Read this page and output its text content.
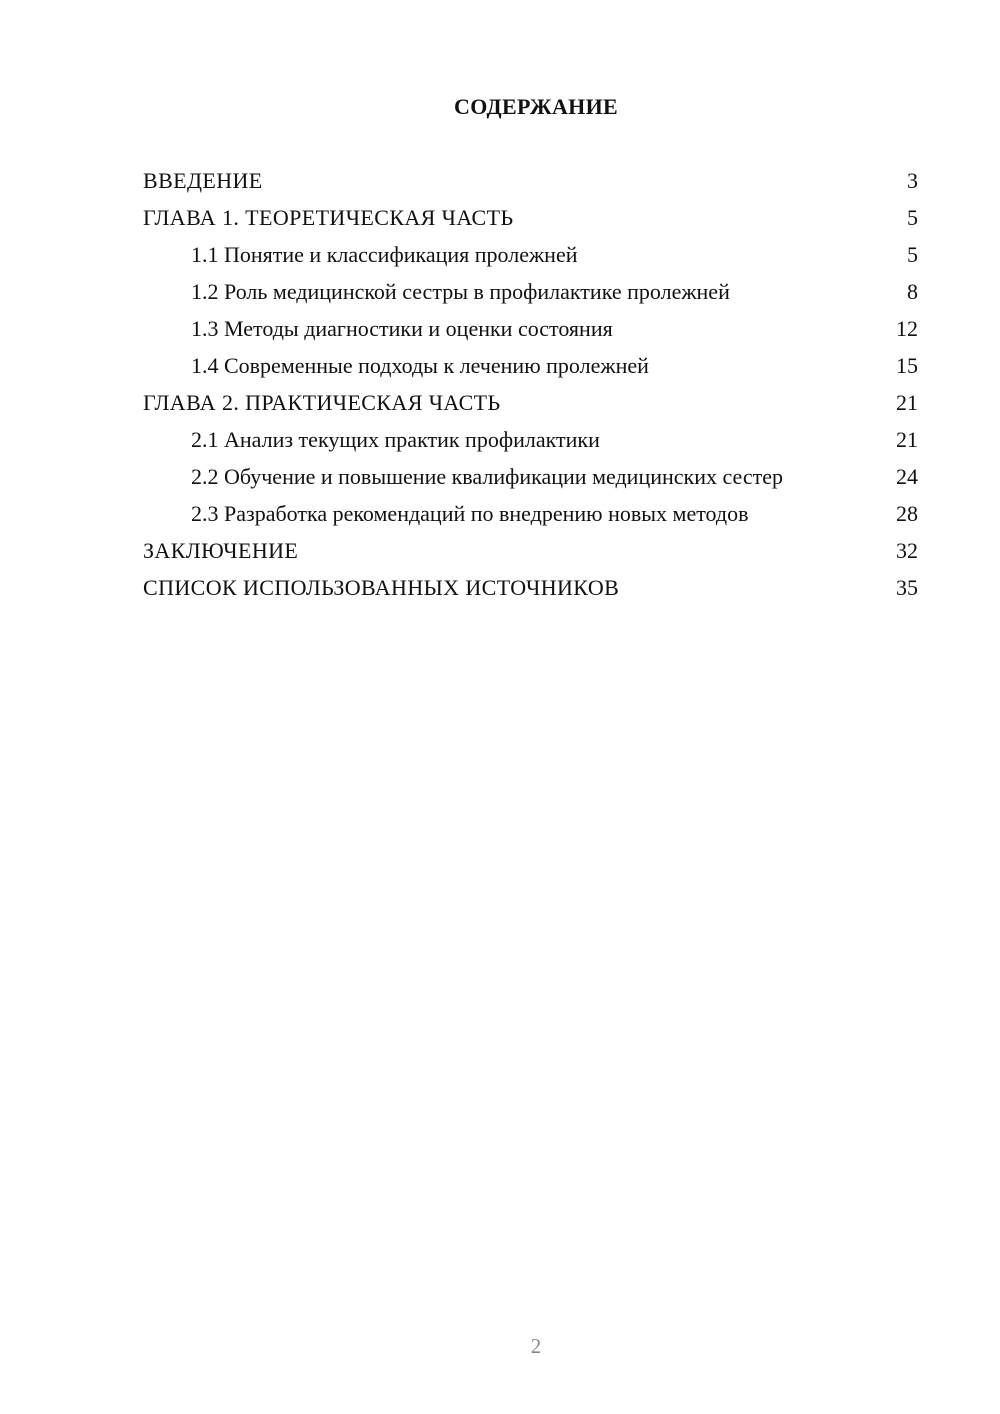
СОДЕРЖАНИЕ
ВВЕДЕНИЕ	3
ГЛАВА 1. ТЕОРЕТИЧЕСКАЯ ЧАСТЬ	5
1.1 Понятие и классификация пролежней	5
1.2 Роль медицинской сестры в профилактике пролежней	8
1.3 Методы диагностики и оценки состояния	12
1.4 Современные подходы к лечению пролежней	15
ГЛАВА 2. ПРАКТИЧЕСКАЯ ЧАСТЬ	21
2.1 Анализ текущих практик профилактики	21
2.2 Обучение и повышение квалификации медицинских сестер	24
2.3 Разработка рекомендаций по внедрению новых методов	28
ЗАКЛЮЧЕНИЕ	32
СПИСОК ИСПОЛЬЗОВАННЫХ ИСТОЧНИКОВ	35
2
